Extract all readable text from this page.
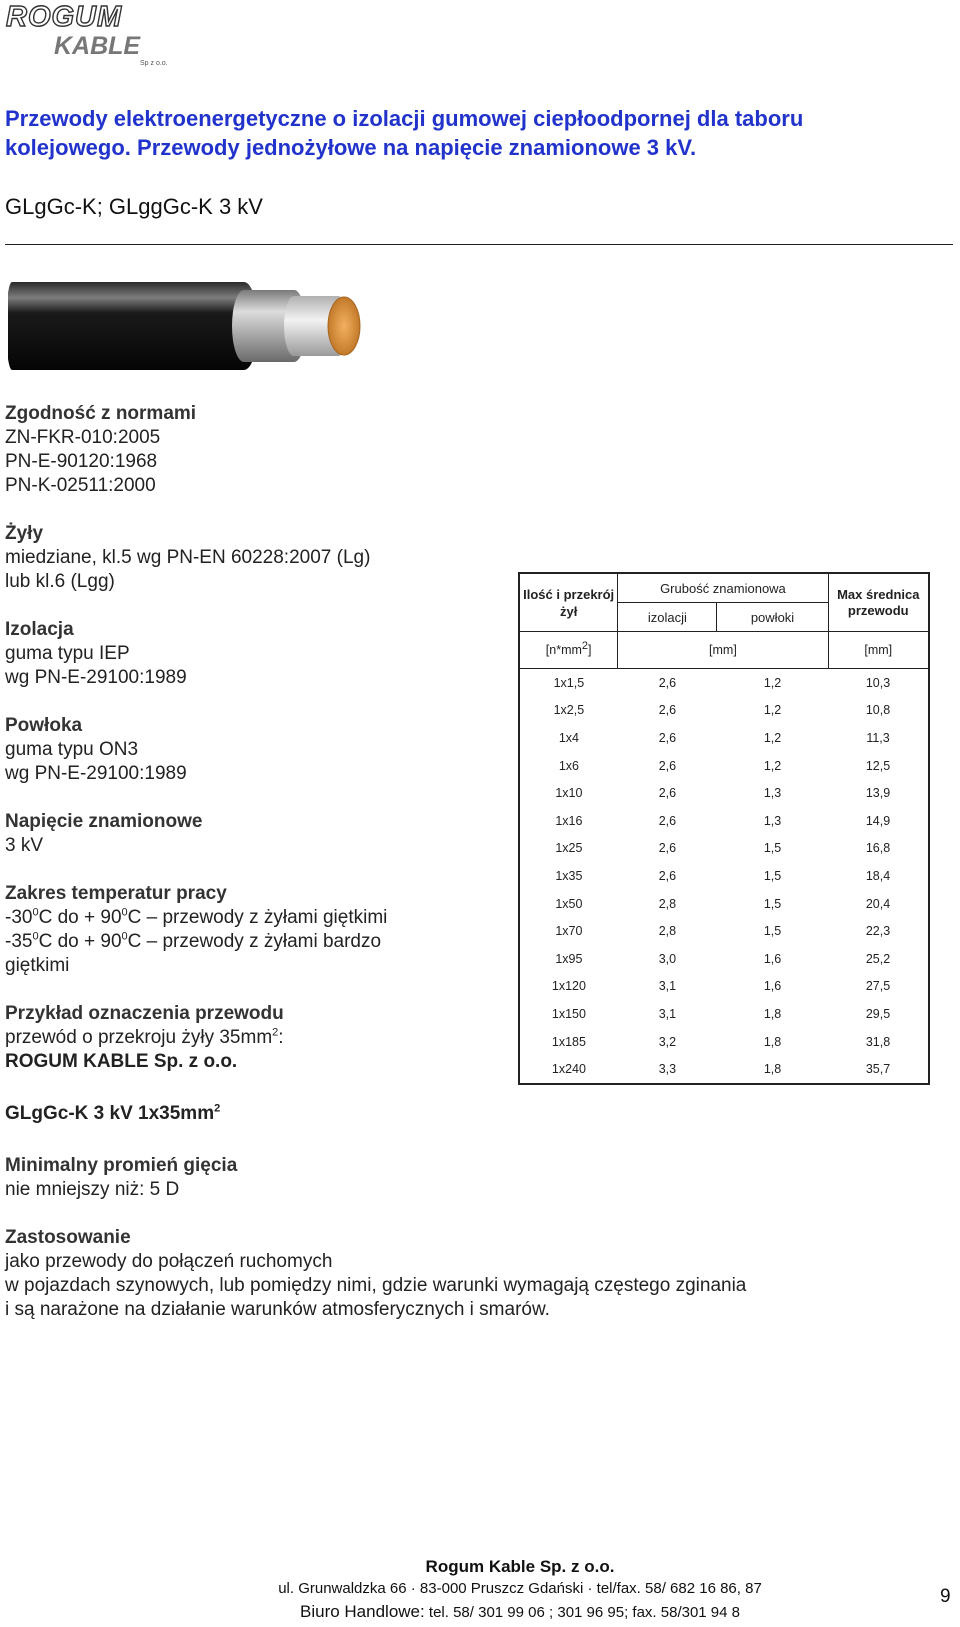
ROGUM
KABLE
Sp z o.o.
Przewody elektroenergetyczne o izolacji gumowej ciepłoodpornej dla taboru kolejowego. Przewody jednożyłowe na napięcie znamionowe 3 kV.
GLgGc-K; GLggGc-K 3 kV
Zgodność z normami
ZN-FKR-010:2005
PN-E-90120:1968
PN-K-02511:2000
Żyły
miedziane, kl.5 wg PN-EN 60228:2007 (Lg)
lub kl.6 (Lgg)
Izolacja
guma typu IEP
wg PN-E-29100:1989
Powłoka
guma typu ON3
wg PN-E-29100:1989
Napięcie znamionowe
3 kV
Zakres temperatur pracy
$-30^0C$ do + $90^0C$ – przewody z żyłami giętkimi
$-35^0C$ do + $90^0C$ – przewody z żyłami bardzo
giętkimi
Przykład oznaczenia przewodu
przewód o przekroju żyły $35mm^2$:
ROGUM KABLE Sp. z o.o.
GLgGc-K 3 kV $1x35mm^2$
Minimalny promień gięcia
nie mniejszy niż: 5 D
Zastosowanie
jako przewody do połączeń ruchomych
w pojazdach szynowych, lub pomiędzy nimi, gdzie warunki wymagają częstego zginania
i są narażone na działanie warunków atmosferycznych i smarów.
Ilość i przekrój żył	Grubość znamionowa		Max średnica przewodu
	izolacji	powłoki	
$[n*mm^2]$	[mm]		[mm]
1x1,5	2,6	1,2	10,3
1x2,5	2,6	1,2	10,8
1x4	2,6	1,2	11,3
1x6	2,6	1,2	12,5
1x10	2,6	1,3	13,9
1x16	2,6	1,3	14,9
1x25	2,6	1,5	16,8
1x35	2,6	1,5	18,4
1x50	2,8	1,5	20,4
1x70	2,8	1,5	22,3
1x95	3,0	1,6	25,2
1x120	3,1	1,6	27,5
1x150	3,1	1,8	29,5
1x185	3,2	1,8	31,8
1x240	3,3	1,8	35,7
Rogum Kable Sp. z o.o.
ul. Grunwaldzka 66 · 83-000 Pruszcz Gdański · tel/fax. 58/ 682 16 86, 87
Biuro Handlowe: tel. 58/ 301 99 06 ; 301 96 95; fax. 58/301 94 8
9
